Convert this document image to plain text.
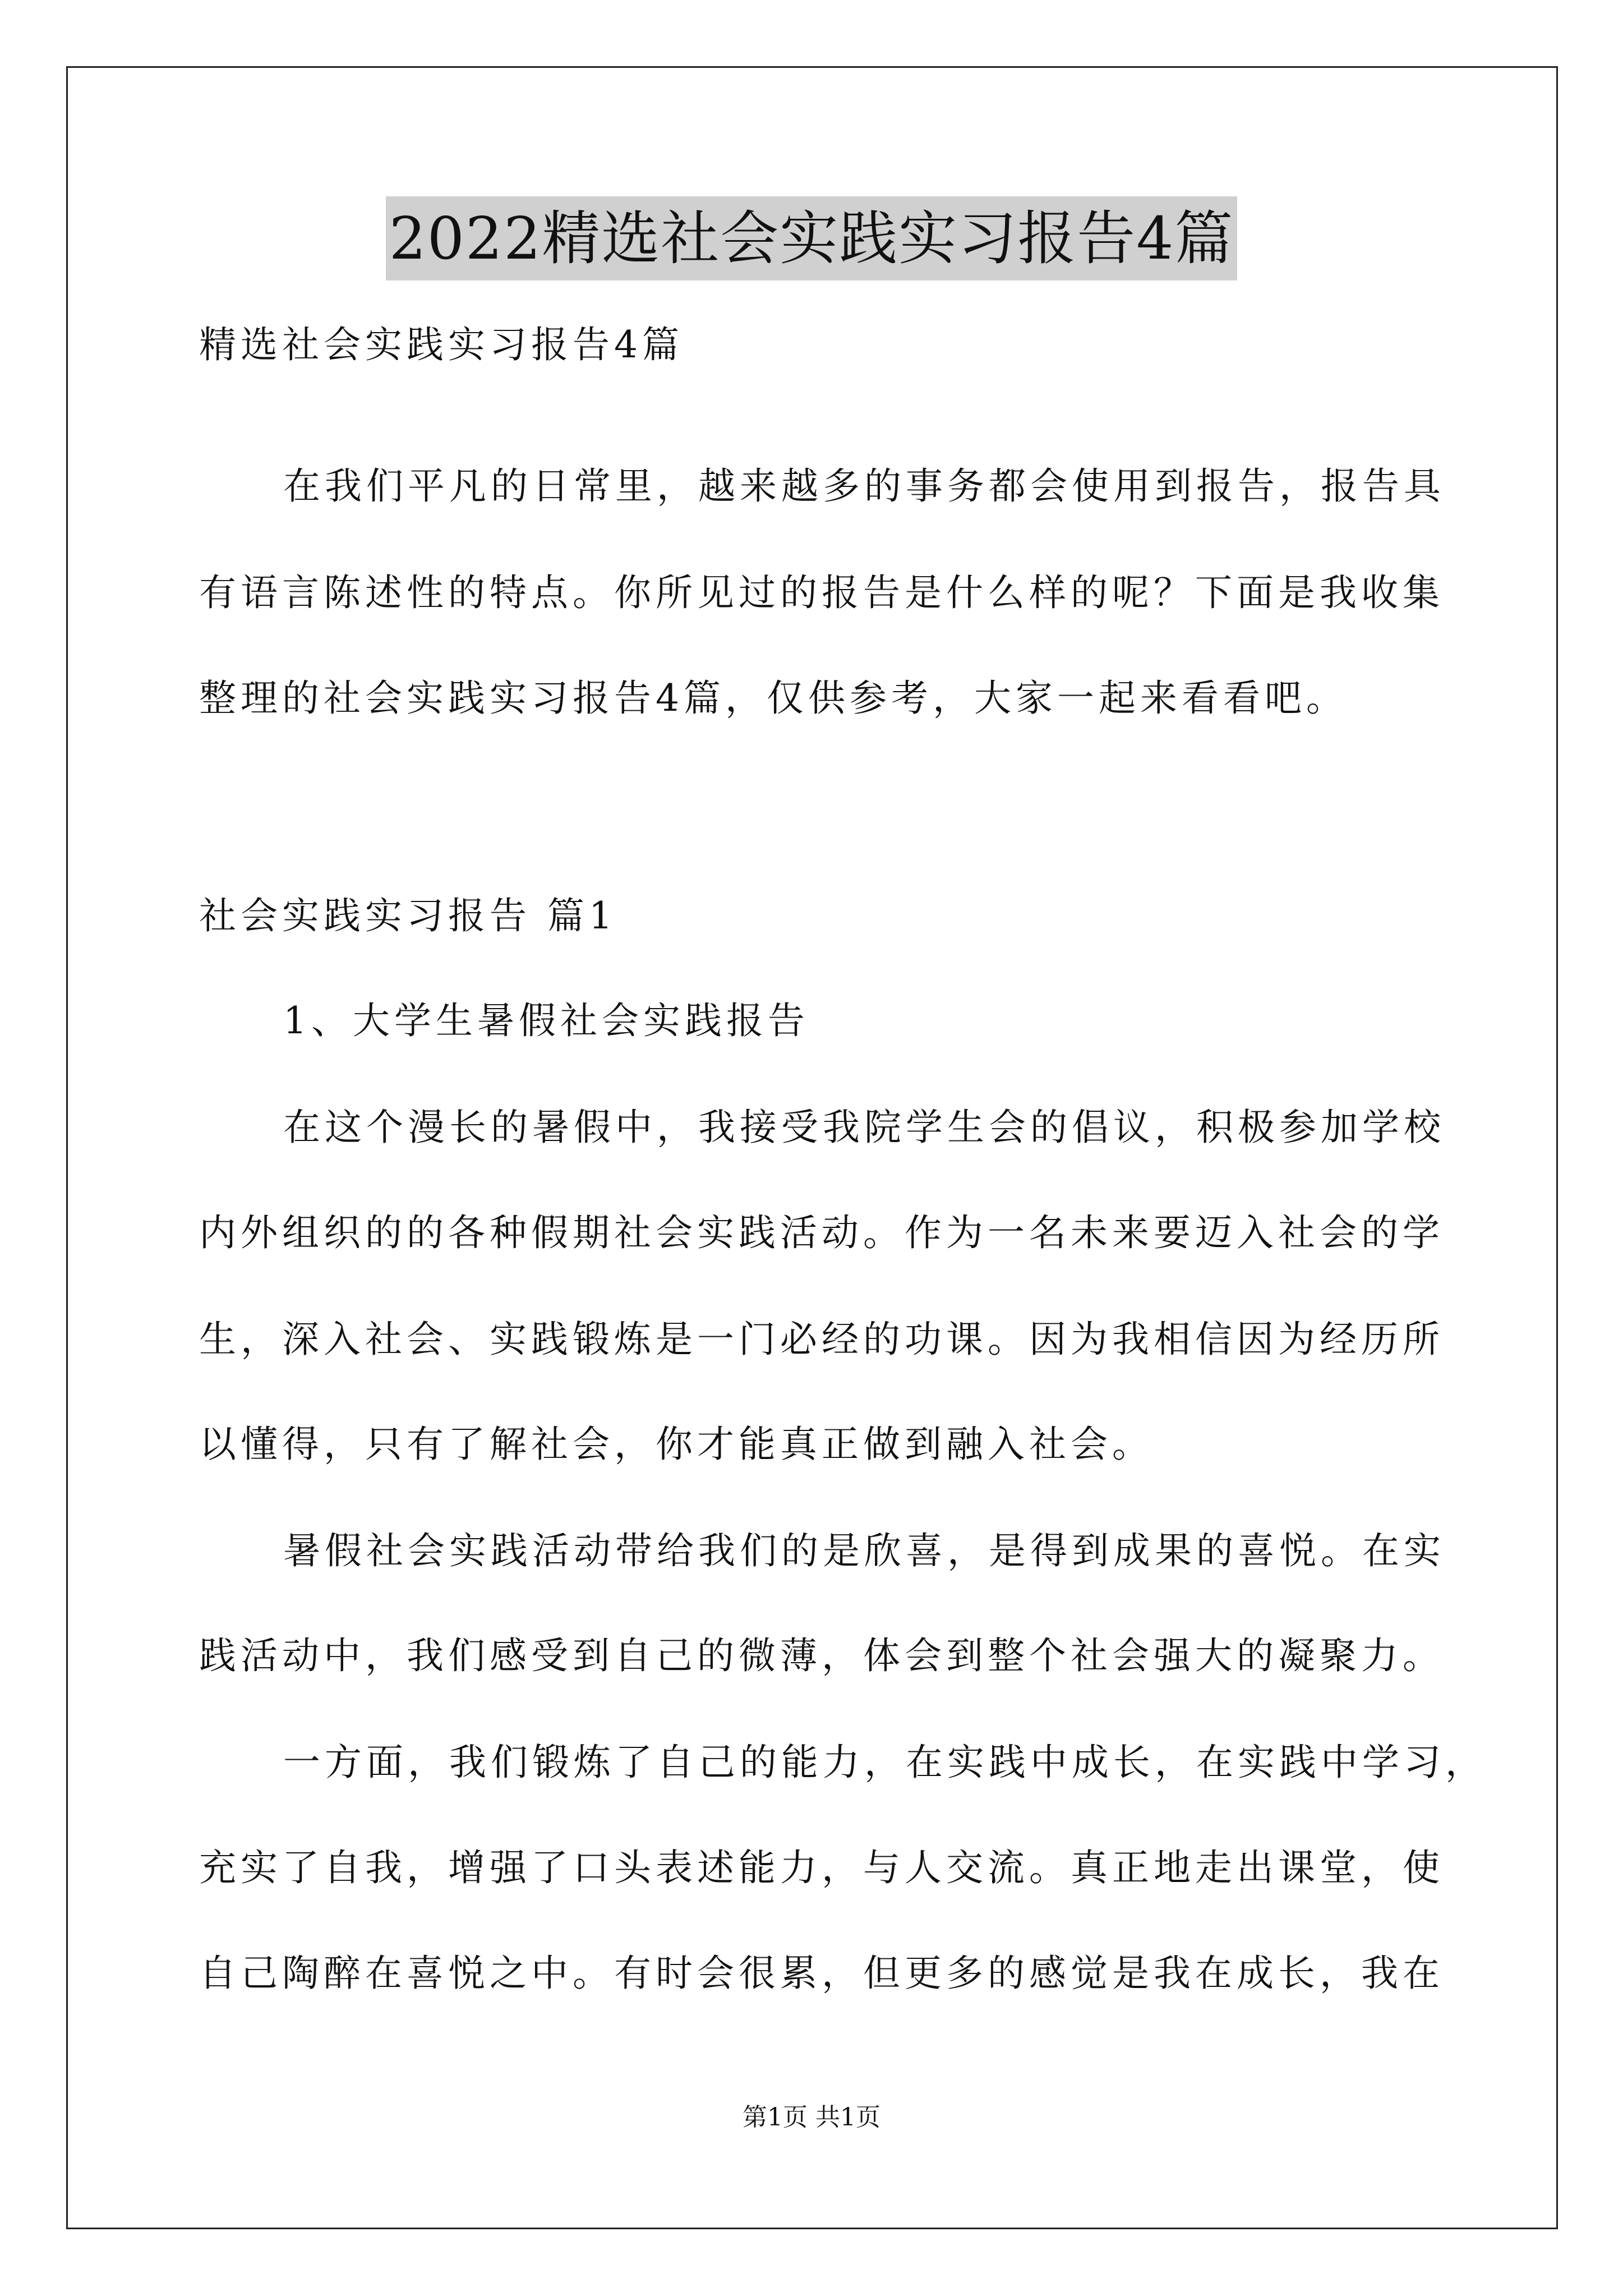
2022精选社会实践实习报告4篇
精选社会实践实习报告4篇
在我们平凡的日常里，越来越多的事务都会使用到报告，报告具
有语言陈述性的特点。你所见过的报告是什么样的呢？下面是我收集
整理的社会实践实习报告4篇，仅供参考，大家一起来看看吧。
社会实践实习报告 篇1
1、大学生暑假社会实践报告
在这个漫长的暑假中，我接受我院学生会的倡议，积极参加学校
内外组织的的各种假期社会实践活动。作为一名未来要迈入社会的学
生，深入社会、实践锻炼是一门必经的功课。因为我相信因为经历所
以懂得，只有了解社会，你才能真正做到融入社会。
暑假社会实践活动带给我们的是欣喜，是得到成果的喜悦。在实
践活动中，我们感受到自己的微薄，体会到整个社会强大的凝聚力。
一方面，我们锻炼了自己的能力，在实践中成长，在实践中学习，
充实了自我，增强了口头表述能力，与人交流。真正地走出课堂，使
自己陶醉在喜悦之中。有时会很累，但更多的感觉是我在成长，我在
第1页 共1页
